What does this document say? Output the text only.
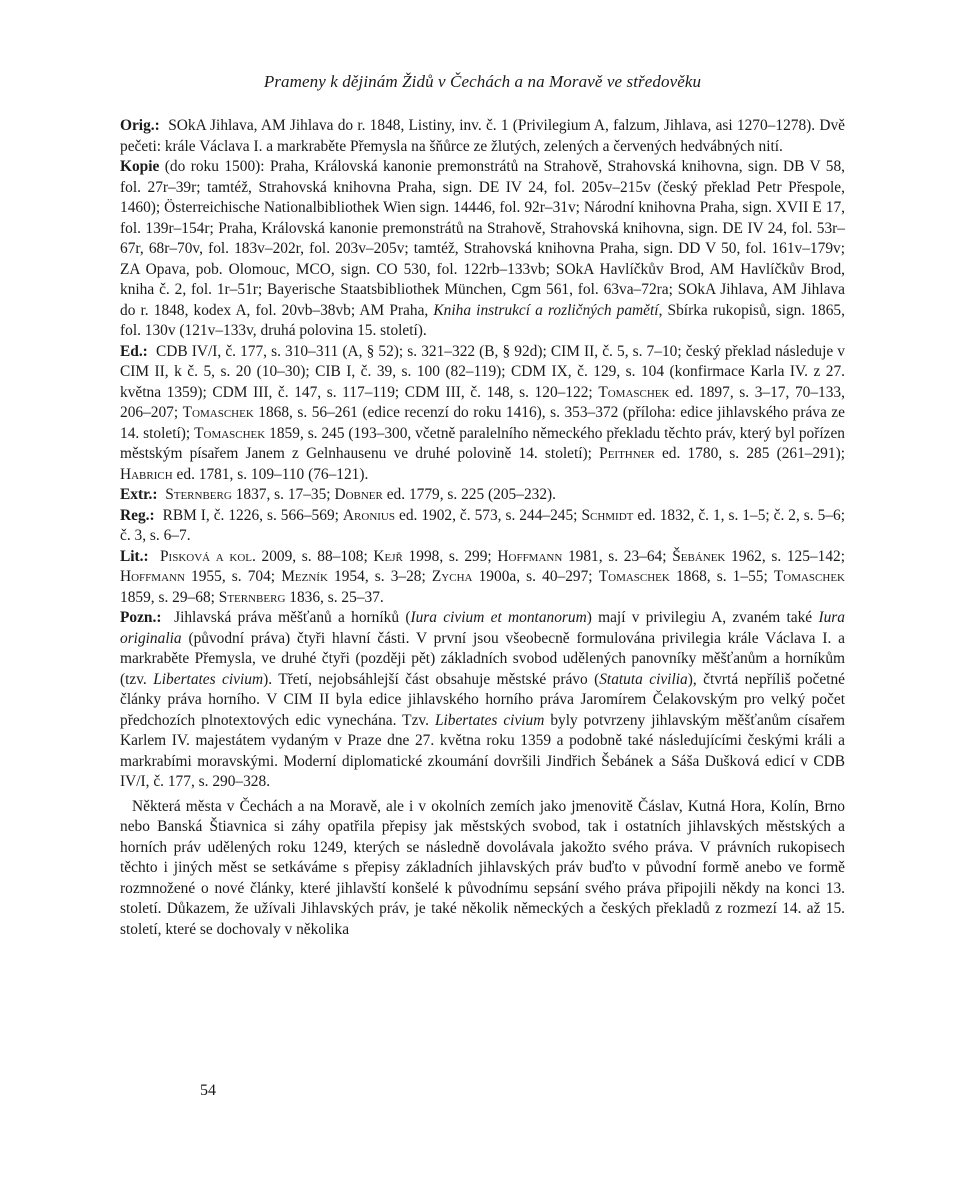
Prameny k dějinám Židů v Čechách a na Moravě ve středověku

Orig.: SOkA Jihlava, AM Jihlava do r. 1848, Listiny, inv. č. 1 (Privilegium A, falzum, Jihlava, asi 1270–1278). Dvě pečeti: krále Václava I. a markraběte Přemysla na šňůrce ze žlutých, zelených a červených hedvábných nití.

Kopie (do roku 1500): Praha, Královská kanonie premonstrátů na Strahově, Strahovská knihovna, sign. DB V 58, fol. 27r–39r; tamtéž, Strahovská knihovna Praha, sign. DE IV 24, fol. 205v–215v (český překlad Petr Přespole, 1460); Österreichische Nationalbibliothek Wien sign. 14446, fol. 92r–31v; Národní knihovna Praha, sign. XVII E 17, fol. 139r–154r; Praha, Královská kanonie premonstrátů na Strahově, Strahovská knihovna, sign. DE IV 24, fol. 53r–67r, 68r–70v, fol. 183v–202r, fol. 203v–205v; tamtéž, Strahovská knihovna Praha, sign. DD V 50, fol. 161v–179v; ZA Opava, pob. Olomouc, MCO, sign. CO 530, fol. 122rb–133vb; SOkA Havlíčkův Brod, AM Havlíčkův Brod, kniha č. 2, fol. 1r–51r; Bayerische Staatsbibliothek München, Cgm 561, fol. 63va–72ra; SOkA Jihlava, AM Jihlava do r. 1848, kodex A, fol. 20vb–38vb; AM Praha, Kniha instrukcí a rozličných pamětí, Sbírka rukopisů, sign. 1865, fol. 130v (121v–133v, druhá polovina 15. století).

Ed.: CDB IV/I, č. 177, s. 310–311 (A, § 52); s. 321–322 (B, § 92d); CIM II, č. 5, s. 7–10; český překlad následuje v CIM II, k č. 5, s. 20 (10–30); CIB I, č. 39, s. 100 (82–119); CDM IX, č. 129, s. 104 (konfirmace Karla IV. z 27. května 1359); CDM III, č. 147, s. 117–119; CDM III, č. 148, s. 120–122; Tomaschek ed. 1897, s. 3–17, 70–133, 206–207; Tomaschek 1868, s. 56–261 (edice recenzí do roku 1416), s. 353–372 (příloha: edice jihlavského práva ze 14. století); Tomaschek 1859, s. 245 (193–300, včetně paralelního německého překladu těchto práv, který byl pořízen městským písařem Janem z Gelnhausenu ve druhé polovině 14. století); Peithner ed. 1780, s. 285 (261–291); Habrich ed. 1781, s. 109–110 (76–121).

Extr.: Sternberg 1837, s. 17–35; Dobner ed. 1779, s. 225 (205–232).

Reg.: RBM I, č. 1226, s. 566–569; Aronius ed. 1902, č. 573, s. 244–245; Schmidt ed. 1832, č. 1, s. 1–5; č. 2, s. 5–6; č. 3, s. 6–7.

Lit.: Pisková a kol. 2009, s. 88–108; Kejř 1998, s. 299; Hoffmann 1981, s. 23–64; Šebánek 1962, s. 125–142; Hoffmann 1955, s. 704; Mezník 1954, s. 3–28; Zycha 1900a, s. 40–297; Tomaschek 1868, s. 1–55; Tomaschek 1859, s. 29–68; Sternberg 1836, s. 25–37.

Pozn.: Jihlavská práva měšťanů a horníků (Iura civium et montanorum) mají v privilegiu A, zvaném také Iura originalia (původní práva) čtyři hlavní části. V první jsou všeobecně formulována privilegia krále Václava I. a markraběte Přemysla, ve druhé čtyři (později pět) základních svobod udělených panovníky měšťanům a horníkům (tzv. Libertates civium). Třetí, nejobsáhlejší část obsahuje městské právo (Statuta civilia), čtvrtá nepříliš početné články práva horního. V CIM II byla edice jihlavského horního práva Jaromírem Čelakovským pro velký počet předchozích plnotextových edic vynechána. Tzv. Libertates civium byly potvrzeny jihlavským měšťanům císařem Karlem IV. majestátem vydaným v Praze dne 27. května roku 1359 a podobně také následujícími českými králi a markrabími moravskými. Moderní diplomatické zkoumání dovršili Jindřich Šebánek a Sáša Dušková edicí v CDB IV/I, č. 177, s. 290–328.

Některá města v Čechách a na Moravě, ale i v okolních zemích jako jmenovitě Čáslav, Kutná Hora, Kolín, Brno nebo Banská Štiavnica si záhy opatřila přepisy jak městských svobod, tak i ostatních jihlavských městských a horních práv udělených roku 1249, kterých se následně dovolávala jakožto svého práva. V právních rukopisech těchto i jiných měst se setkáváme s přepisy základních jihlavských práv buďto v původní formě anebo ve formě rozmnožené o nové články, které jihlavští konšelé k původnímu sepsání svého práva připojili někdy na konci 13. století. Důkazem, že užívali Jihlavských práv, je také několik německých a českých překladů z rozmezí 14. až 15. století, které se dochovaly v několika

54
